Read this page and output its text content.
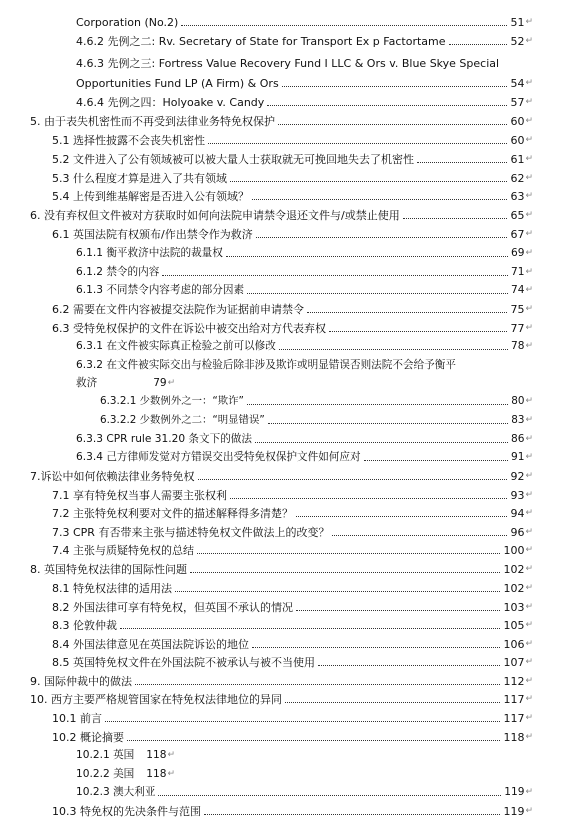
Corporation (No.2)	51 ↵
4.6.2 先例之二: Rv. Secretary of State for Transport Ex p Factortame	52 ↵
4.6.3 先例之三: Fortress Value Recovery Fund I LLC & Ors v. Blue Skye Special
Opportunities Fund LP (A Firm) & Ors	54 ↵
4.6.4 先例之四：Holyoake v. Candy	57 ↵
5. 由于表失机密性而不再受到法律业务特免权保护	60 ↵
5.1 选择性披露不会丧失机密性	60 ↵
5.2 文件进入了公有领域被可以被大量人士获取就无可挽回地失去了机密性	61 ↵
5.3 什么程度才算是进入了共有领域	62 ↵
5.4 上传到维基解密是否进入公有领域？	63 ↵
6. 没有弃权但文件被对方获取时如何向法院申请禁令退还文件与/或禁止使用	65 ↵
6.1 英国法院有权颁布/作出禁令作为救济	67 ↵
6.1.1 衡平救济中法院的裁量权	69 ↵
6.1.2 禁令的内容	71 ↵
6.1.3 不同禁令内容考虑的部分因素	74 ↵
6.2 需要在文件内容被提交法院作为证据前申请禁令	75 ↵
6.3 受特免权保护的文件在诉讼中被交出给对方代表弃权	77 ↵
6.3.1 在文件被实际真正检验之前可以修改	78 ↵
6.3.2 在文件被实际交出与检验后除非涉及欺诈或明显错误否则法院不会给予衡平
救济	79 ↵
6.3.2.1 少数例外之一：“欺诈”	80 ↵
6.3.2.2 少数例外之二：“明显错误”	83 ↵
6.3.3 CPR rule 31.20 条文下的做法	86 ↵
6.3.4 己方律师发觉对方错误交出受特免权保护文件如何应对	91 ↵
7.诉讼中如何依赖法律业务特免权	92 ↵
7.1 享有特免权当事人需要主张权利	93 ↵
7.2 主张特免权利要对文件的描述解释得多清楚？	94 ↵
7.3 CPR 有否带来主张与描述特免权文件做法上的改变？	96 ↵
7.4 主张与质疑特免权的总结	100 ↵
8. 英国特免权法律的国际性问题	102 ↵
8.1 特免权法律的适用法	102 ↵
8.2 外国法律可享有特免权，但英国不承认的情况	103 ↵
8.3 伦敦仲裁	105 ↵
8.4 外国法律意见在英国法院诉讼的地位	106 ↵
8.5 英国特免权文件在外国法院不被承认与被不当使用	107 ↵
9. 国际仲裁中的做法	112 ↵
10. 西方主要严格规管国家在特免权法律地位的异同	117 ↵
10.1 前言	117 ↵
10.2 概论摘要	118 ↵
10.2.1 英国 118 ↵
10.2.2 美国 118 ↵
10.2.3 澳大利亚	119 ↵
10.3 特免权的先决条件与范围	119 ↵
